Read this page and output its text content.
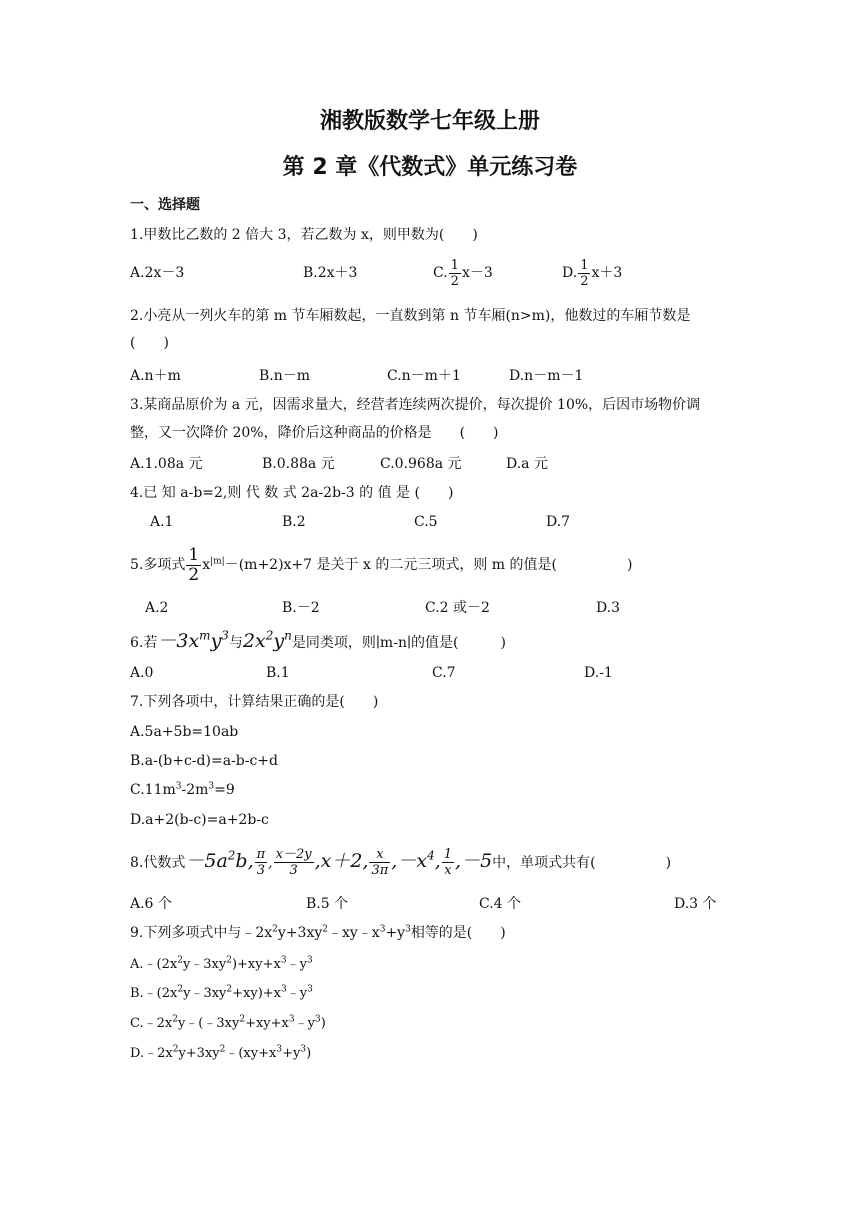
湘教版数学七年级上册
第 2 章《代数式》单元练习卷
一、选择题
1.甲数比乙数的 2 倍大 3，若乙数为 x，则甲数为(　　)
A.2x－3	B.2x＋3	C. $\frac{1}{2} x-3$	D. $\frac{1}{2} x+3$
2.小亮从一列火车的第 m 节车厢数起，一直数到第 n 节车厢(n>m)，他数过的车厢节数是
(　　)
A.n＋m	B.n－m	C.n－m＋1	D.n－m－1
3.某商品原价为 a 元，因需求量大，经营者连续两次提价，每次提价 10%，后因市场物价调
整，又一次降价 20%，降价后这种商品的价格是　　(　　)
A.1.08a 元	B.0.88a 元	C.0.968a 元	D.a 元
4.已 知 a-b=2,则 代 数 式 2a-2b-3 的 值 是 (　　)
A.1	B.2	C.5	D.7
5.多项式 $\frac{1}{2} x^{|m|}-(m+2)x+7$ 是关于 x 的二元三项式，则 m 的值是(　　　　　)
A.2	B.－2	C.2 或－2	D.3
6.若$-3x^my^3$与$2x^2y^n$是同类项，则∣m-n∣的值是(　　　)
A.0	B.1	C.7	D.-1
7.下列各项中，计算结果正确的是(　　)
A.5a+5b=10ab
B.a-(b+c-d)=a-b-c+d
$C.11m^3-2m^3=9$
D.a+2(b-c)=a+2b-c
8.代数式$-5a^2b$, $\frac{\pi}{3}$ , $\frac{x-2y}{3} ,x+2$, $\frac{x}{3\pi} ,-x^4$, $\frac{1}{x} ,-5$中，单项式共有(　　　　　)
A.6 个	B.5 个	C.4 个	D.3 个
9.下列多项式中与$﹣2x^2y+3xy^2﹣xy﹣x^3+y^3$相等的是(　　)
$A.﹣(2x^2y﹣3xy^2)+xy+x^3﹣y^3$
$B.﹣(2x^2y﹣3xy^2+xy)+x^3﹣y^3$
$C.﹣2x^2y﹣(﹣3xy^2+xy+x^3﹣y^3)$
$D.﹣2x^2y+3xy^2﹣(xy+x^3+y^3)$
